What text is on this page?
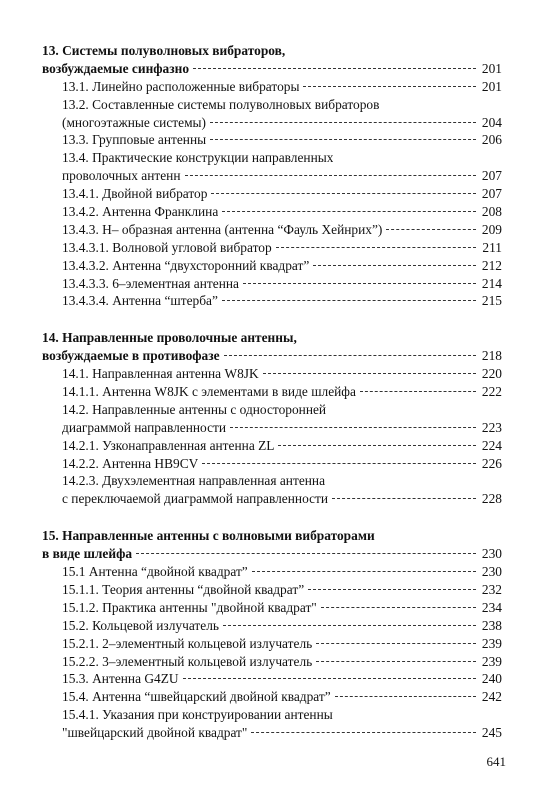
13. Системы полуволновых вибраторов,
возбуждаемые синфазно	201
13.1. Линейно расположенные вибраторы	201
13.2. Составленные системы полуволновых вибраторов
(многоэтажные системы)	204
13.3. Групповые антенны	206
13.4. Практические конструкции направленных
проволочных антенн	207
13.4.1. Двойной вибратор	207
13.4.2. Антенна Франклина	208
13.4.3. Н– образная антенна (антенна “Фауль Хейнрих”)	209
13.4.3.1. Волновой угловой вибратор	211
13.4.3.2. Антенна “двухсторонний квадрат”	212
13.4.3.3. 6–элементная антенна	214
13.4.3.4. Антенна “штерба”	215
14. Направленные проволочные антенны,
возбуждаемые в противофазе	218
14.1. Направленная антенна W8JK	220
14.1.1. Антенна W8JK с элементами в виде шлейфа	222
14.2. Направленные антенны с односторонней
диаграммой направленности	223
14.2.1. Узконаправленная антенна ZL	224
14.2.2. Антенна HB9CV	226
14.2.3. Двухэлементная направленная антенна
с переключаемой диаграммой направленности	228
15. Направленные антенны с волновыми вибраторами
в виде шлейфа	230
15.1 Антенна “двойной квадрат”	230
15.1.1. Теория антенны “двойной квадрат”	232
15.1.2. Практика антенны "двойной квадрат"	234
15.2. Кольцевой излучатель	238
15.2.1. 2–элементный кольцевой излучатель	239
15.2.2. 3–элементный кольцевой излучатель	239
15.3. Антенна G4ZU	240
15.4. Антенна “швейцарский двойной квадрат”	242
15.4.1. Указания при конструировании антенны
"швейцарский двойной квадрат"	245
641
